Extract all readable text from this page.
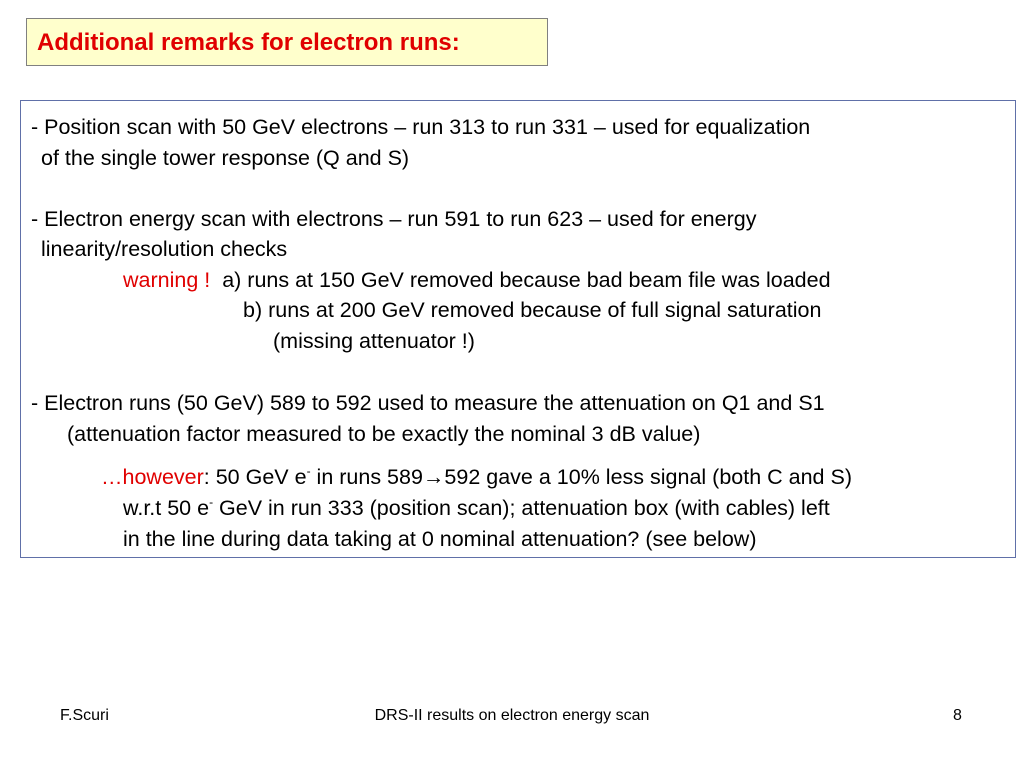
Additional remarks for electron runs:
- Position scan with 50 GeV electrons – run 313 to run 331 – used for equalization
of the single tower response (Q and S)
- Electron energy scan with electrons – run 591 to run 623 – used for energy
linearity/resolution checks
warning ! a) runs at 150 GeV removed because bad beam file was loaded
b) runs at 200 GeV removed because of full signal saturation
(missing attenuator !)
- Electron runs (50 GeV) 589 to 592 used to measure the attenuation on Q1 and S1
(attenuation factor measured to be exactly the nominal 3 dB value)
…however: 50 GeV e- in runs 589→592 gave a 10% less signal (both C and S)
w.r.t 50 e- GeV in run 333 (position scan); attenuation box (with cables) left
in the line during data taking at 0 nominal attenuation? (see below)
F.Scuri	DRS-II results on electron energy scan	8
